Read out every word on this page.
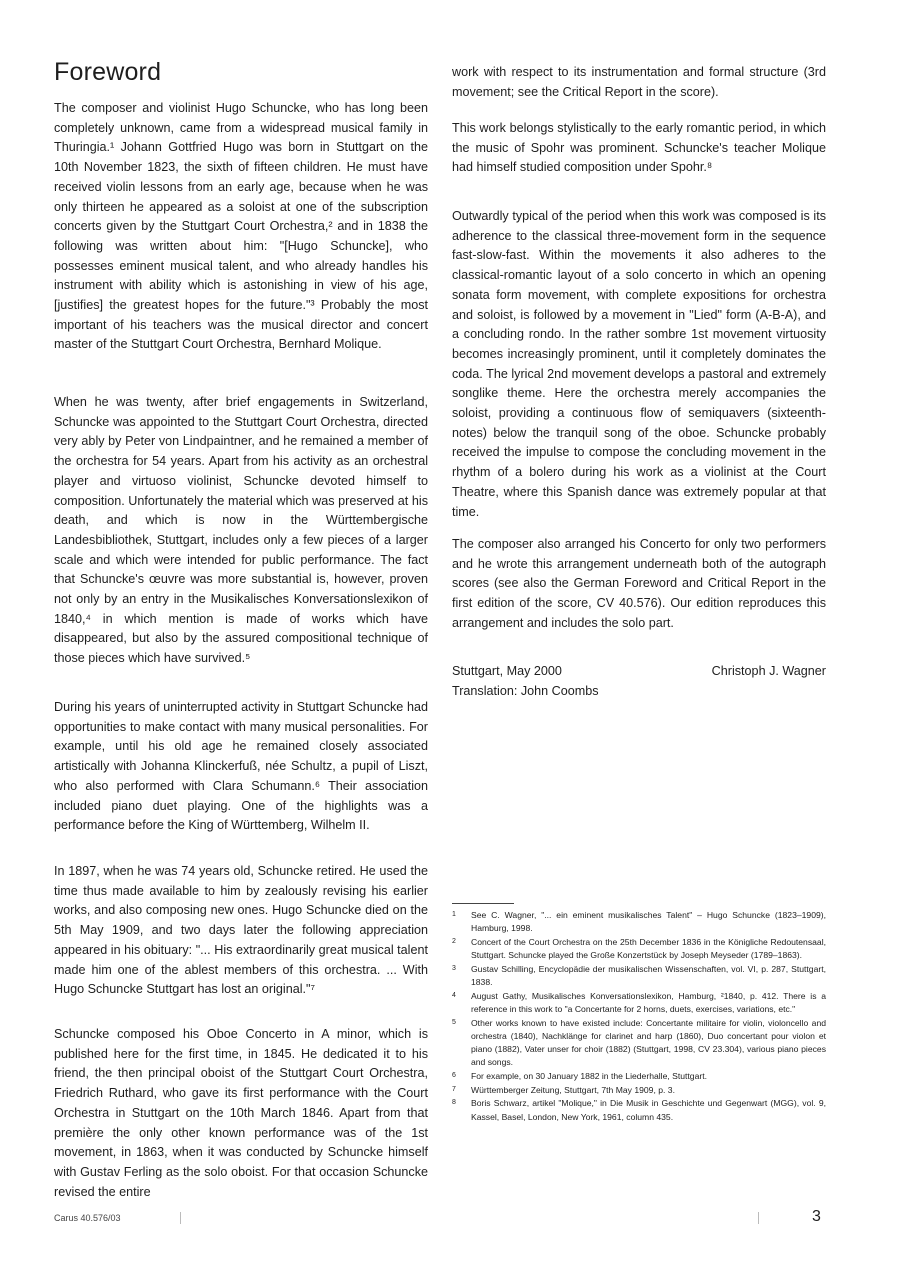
Foreword

The composer and violinist Hugo Schuncke, who has long been completely unknown, came from a widespread musical family in Thuringia.¹ Johann Gottfried Hugo was born in Stuttgart on the 10th November 1823, the sixth of fifteen children. He must have received violin lessons from an early age, because when he was only thirteen he appeared as a soloist at one of the subscription concerts given by the Stuttgart Court Orchestra,² and in 1838 the following was written about him: "[Hugo Schuncke], who possesses eminent musical talent, and who already handles his instrument with ability which is astonishing in view of his age, [justifies] the greatest hopes for the future."³ Probably the most important of his teachers was the musical director and concert master of the Stuttgart Court Orchestra, Bernhard Molique.

When he was twenty, after brief engagements in Switzerland, Schuncke was appointed to the Stuttgart Court Orchestra, directed very ably by Peter von Lindpaintner, and he remained a member of the orchestra for 54 years. Apart from his activity as an orchestral player and virtuoso violinist, Schuncke devoted himself to composition. Unfortunately the material which was preserved at his death, and which is now in the Württembergische Landesbibliothek, Stuttgart, includes only a few pieces of a larger scale and which were intended for public performance. The fact that Schuncke's œuvre was more substantial is, however, proven not only by an entry in the Musikalisches Konversationslexikon of 1840,⁴ in which mention is made of works which have disappeared, but also by the assured compositional technique of those pieces which have survived.⁵

During his years of uninterrupted activity in Stuttgart Schuncke had opportunities to make contact with many musical personalities. For example, until his old age he remained closely associated artistically with Johanna Klinckerfuß, née Schultz, a pupil of Liszt, who also performed with Clara Schumann.⁶ Their association included piano duet playing. One of the highlights was a performance before the King of Württemberg, Wilhelm II.

In 1897, when he was 74 years old, Schuncke retired. He used the time thus made available to him by zealously revising his earlier works, and also composing new ones. Hugo Schuncke died on the 5th May 1909, and two days later the following appreciation appeared in his obituary: "... His extraordinarily great musical talent made him one of the ablest members of this orchestra. ... With Hugo Schuncke Stuttgart has lost an original."⁷

Schuncke composed his Oboe Concerto in A minor, which is published here for the first time, in 1845. He dedicated it to his friend, the then principal oboist of the Stuttgart Court Orchestra, Friedrich Ruthard, who gave its first performance with the Court Orchestra in Stuttgart on the 10th March 1846. Apart from that première the only other known performance was of the 1st movement, in 1863, when it was conducted by Schuncke himself with Gustav Ferling as the solo oboist. For that occasion Schuncke revised the entire

work with respect to its instrumentation and formal structure (3rd movement; see the Critical Report in the score).

This work belongs stylistically to the early romantic period, in which the music of Spohr was prominent. Schuncke's teacher Molique had himself studied composition under Spohr.⁸

Outwardly typical of the period when this work was composed is its adherence to the classical three-movement form in the sequence fast-slow-fast. Within the movements it also adheres to the classical-romantic layout of a solo concerto in which an opening sonata form movement, with complete expositions for orchestra and soloist, is followed by a movement in "Lied" form (A-B-A), and a concluding rondo. In the rather sombre 1st movement virtuosity becomes increasingly prominent, until it completely dominates the coda. The lyrical 2nd movement develops a pastoral and extremely songlike theme. Here the orchestra merely accompanies the soloist, providing a continuous flow of semiquavers (sixteenth-notes) below the tranquil song of the oboe. Schuncke probably received the impulse to compose the concluding movement in the rhythm of a bolero during his work as a violinist at the Court Theatre, where this Spanish dance was extremely popular at that time.

The composer also arranged his Concerto for only two performers and he wrote this arrangement underneath both of the autograph scores (see also the German Foreword and Critical Report in the first edition of the score, CV 40.576). Our edition reproduces this arrangement and includes the solo part.

Stuttgart, May 2000	Christoph J. Wagner
Translation: John Coombs
1 See C. Wagner, "... ein eminent musikalisches Talent" – Hugo Schuncke (1823–1909), Hamburg, 1998.
2 Concert of the Court Orchestra on the 25th December 1836 in the Königliche Redoutensaal, Stuttgart. Schuncke played the Große Konzertstück by Joseph Meyseder (1789–1863).
3 Gustav Schilling, Encyclopädie der musikalischen Wissenschaften, vol. VI, p. 287, Stuttgart, 1838.
4 August Gathy, Musikalisches Konversationslexikon, Hamburg, ²1840, p. 412. There is a reference in this work to "a Concertante for 2 horns, duets, exercises, variations, etc."
5 Other works known to have existed include: Concertante militaire for violin, violoncello and orchestra (1840), Nachklänge for clarinet and harp (1860), Duo concertant pour violon et piano (1882), Vater unser for choir (1882) (Stuttgart, 1998, CV 23.304), various piano pieces and songs.
6 For example, on 30 January 1882 in the Liederhalle, Stuttgart.
7 Württemberger Zeitung, Stuttgart, 7th May 1909, p. 3.
8 Boris Schwarz, artikel "Molique," in Die Musik in Geschichte und Gegenwart (MGG), vol. 9, Kassel, Basel, London, New York, 1961, column 435.
Carus 40.576/03	3
